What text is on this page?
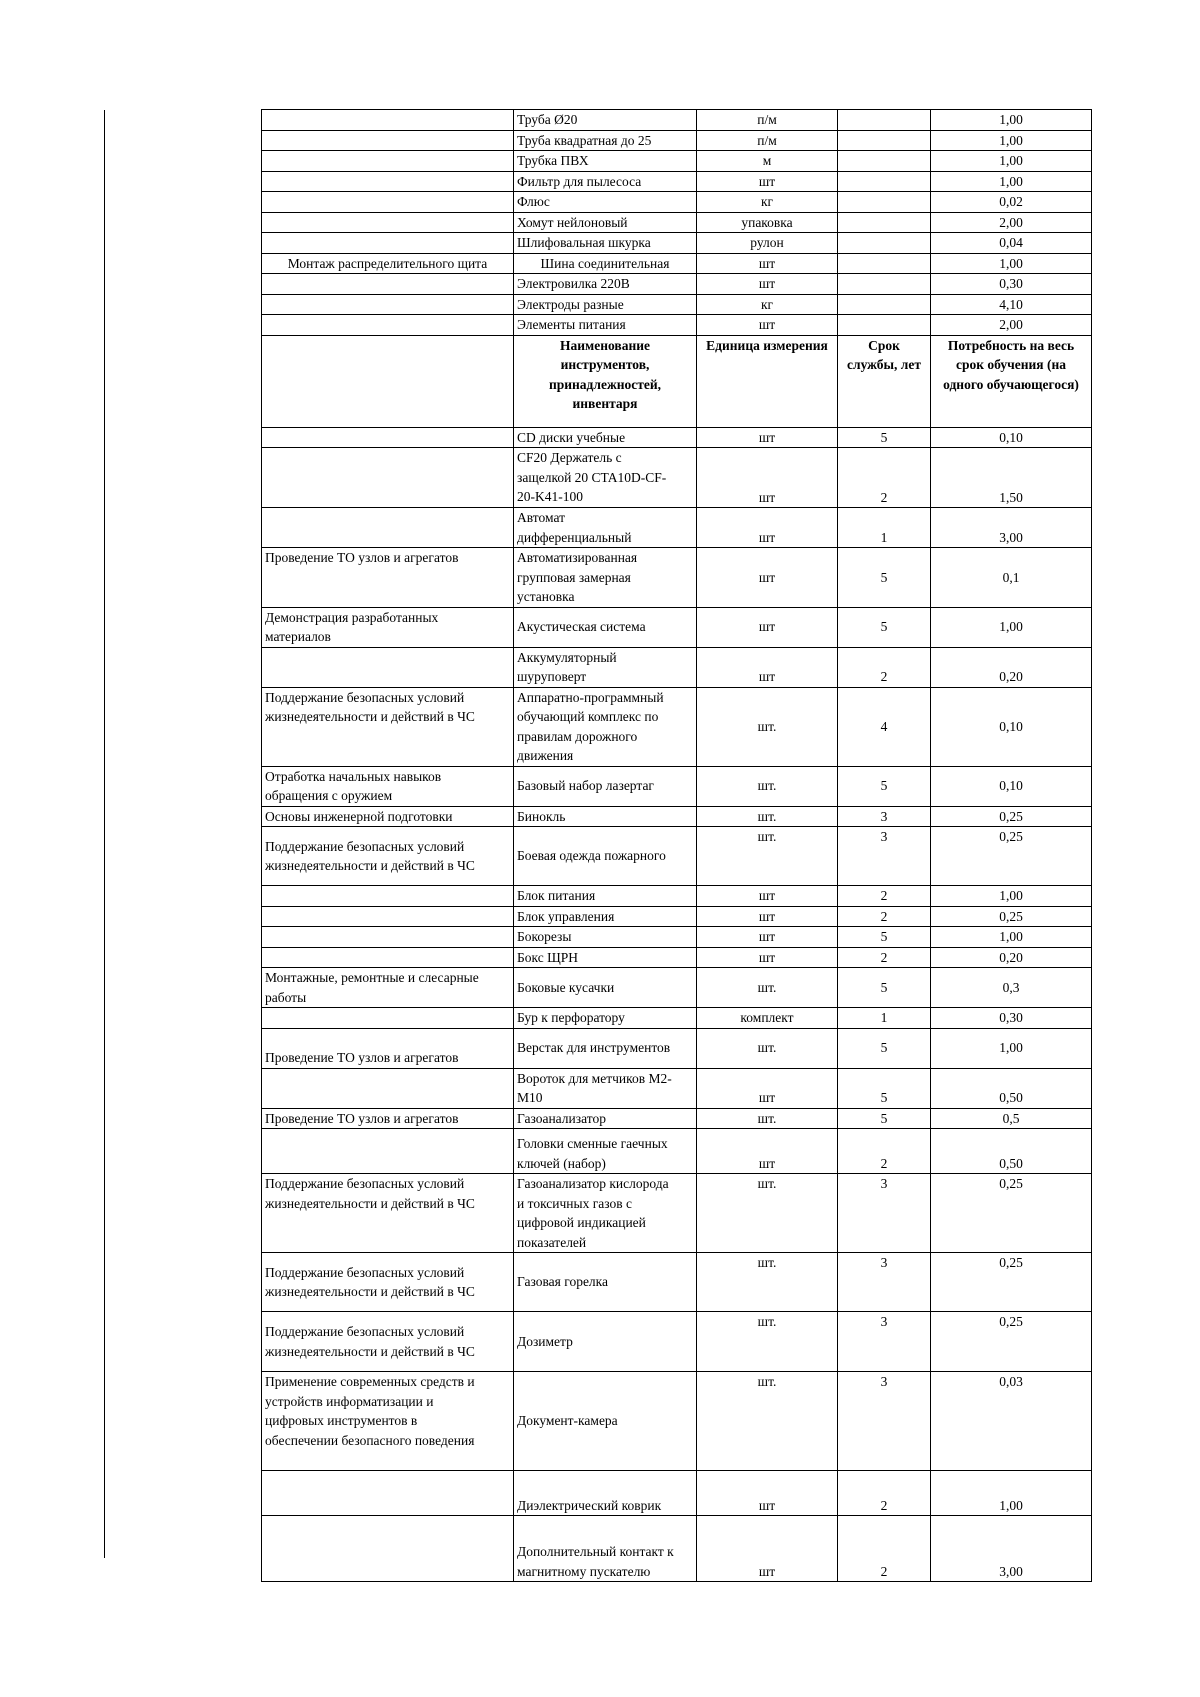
	Труба Ø20	п/м		1,00
	Труба квадратная до 25	п/м		1,00
	Трубка ПВХ	м		1,00
	Фильтр для пылесоса	шт		1,00
	Флюс	кг		0,02
	Хомут нейлоновый	упаковка		2,00
	Шлифовальная шкурка	рулон		0,04
Монтаж распределительного щита	Шина соединительная	шт		1,00
	Электровилка 220В	шт		0,30
	Электроды разные	кг		4,10
	Элементы питания	шт		2,00
	Наименование
инструментов,
принадлежностей,
инвентаря	Единица измерения	Срок
службы, лет	Потребность на весь
срок обучения (на
одного обучающегося)
	CD диски учебные	шт	5	0,10
	CF20 Держатель с
защелкой 20 CTA10D-CF-
20-K41-100	шт	2	1,50
	Автомат
дифференциальный	шт	1	3,00
Проведение ТО узлов и агрегатов	Автоматизированная
групповая замерная
установка	шт	5	0,1
Демонстрация разработанных
материалов	Акустическая система	шт	5	1,00
	Аккумуляторный
шуруповерт	шт	2	0,20
Поддержание безопасных условий
жизнедеятельности и действий в ЧС	Аппаратно-программный
обучающий комплекс по
правилам дорожного
движения	шт.	4	0,10
Отработка начальных навыков
обращения с оружием	Базовый набор лазертаг	шт.	5	0,10
Основы инженерной подготовки	Бинокль	шт.	3	0,25
Поддержание безопасных условий
жизнедеятельности и действий в ЧС	Боевая одежда пожарного	шт.	3	0,25
	Блок питания	шт	2	1,00
	Блок управления	шт	2	0,25
	Бокорезы	шт	5	1,00
	Бокс ЩРН	шт	2	0,20
Монтажные, ремонтные и слесарные
работы	Боковые кусачки	шт.	5	0,3
	Бур к перфоратору	комплект	1	0,30
Проведение ТО узлов и агрегатов	Верстак для инструментов	шт.	5	1,00
	Вороток для метчиков M2-
M10	шт	5	0,50
Проведение ТО узлов и агрегатов	Газоанализатор	шт.	5	0,5
	Головки сменные гаечных
ключей (набор)	шт	2	0,50
Поддержание безопасных условий
жизнедеятельности и действий в ЧС	Газоанализатор кислорода
и токсичных газов с
цифровой индикацией
показателей	шт.	3	0,25
Поддержание безопасных условий
жизнедеятельности и действий в ЧС	Газовая горелка	шт.	3	0,25
Поддержание безопасных условий
жизнедеятельности и действий в ЧС	Дозиметр	шт.	3	0,25
Применение современных средств и
устройств информатизации и
цифровых инструментов в
обеспечении безопасного поведения	Документ-камера	шт.	3	0,03
	Диэлектрический коврик	шт	2	1,00
	Дополнительный контакт к
магнитному пускателю	шт	2	3,00
